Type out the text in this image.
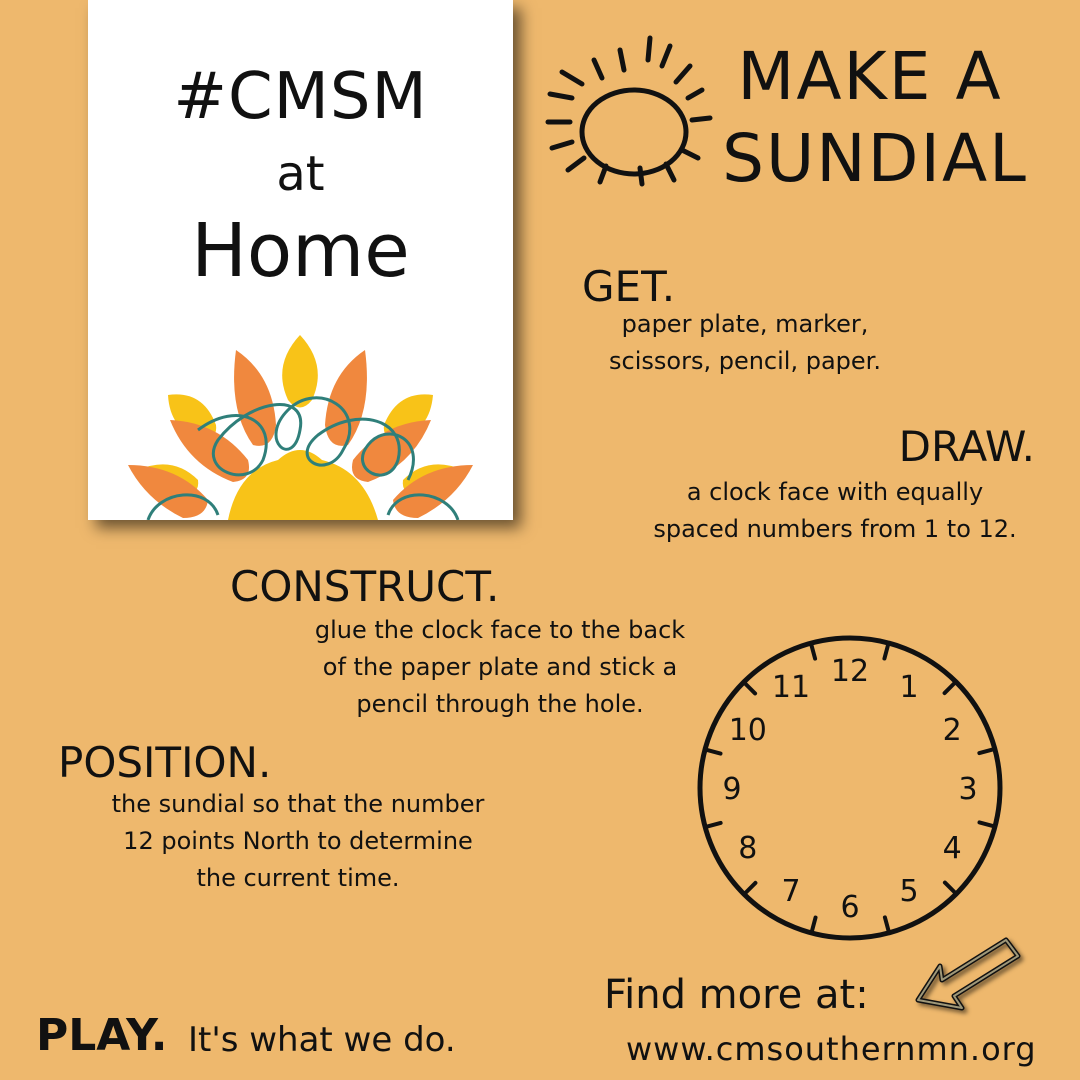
#CMSM
at
Home
MAKE A
SUNDIAL
GET.
paper plate, marker,
scissors, pencil, paper.
DRAW.
a clock face with equally
spaced numbers from 1 to 12.
CONSTRUCT.
glue the clock face to the back
of the paper plate and stick a
pencil through the hole.
POSITION.
the sundial so that the number
12 points North to determine
the current time.
12 1
2
3
4
5
6
7
8
9
10
11
Find more at:
www.cmsouthernmn.org
PLAY. It's what we do.
